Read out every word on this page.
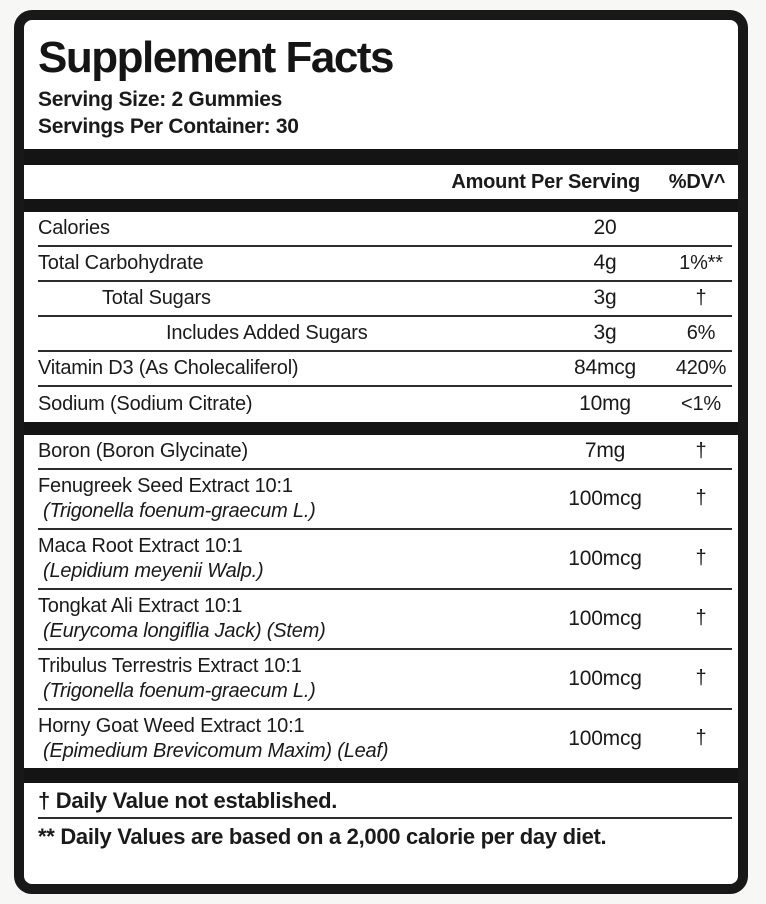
Supplement Facts
Serving Size: 2 Gummies
Servings Per Container: 30
Amount Per Serving	%DV^
Calories	20
Total Carbohydrate	4g	1%**
Total Sugars	3g	†
Includes Added Sugars	3g	6%
Vitamin D3 (As Cholecaliferol)	84mcg	420%
Sodium (Sodium Citrate)	10mg	<1%
Boron (Boron Glycinate)	7mg	†
Fenugreek Seed Extract 10:1
(Trigonella foenum-graecum L.)
100mcg	†
Maca Root Extract 10:1
(Lepidium meyenii Walp.)
100mcg	†
Tongkat Ali Extract 10:1
(Eurycoma longiflia Jack) (Stem)
100mcg	†
Tribulus Terrestris Extract 10:1
(Trigonella foenum-graecum L.)
100mcg	†
Horny Goat Weed Extract 10:1
(Epimedium Brevicomum Maxim) (Leaf)
100mcg	†
† Daily Value not established.
** Daily Values are based on a 2,000 calorie per day diet.
